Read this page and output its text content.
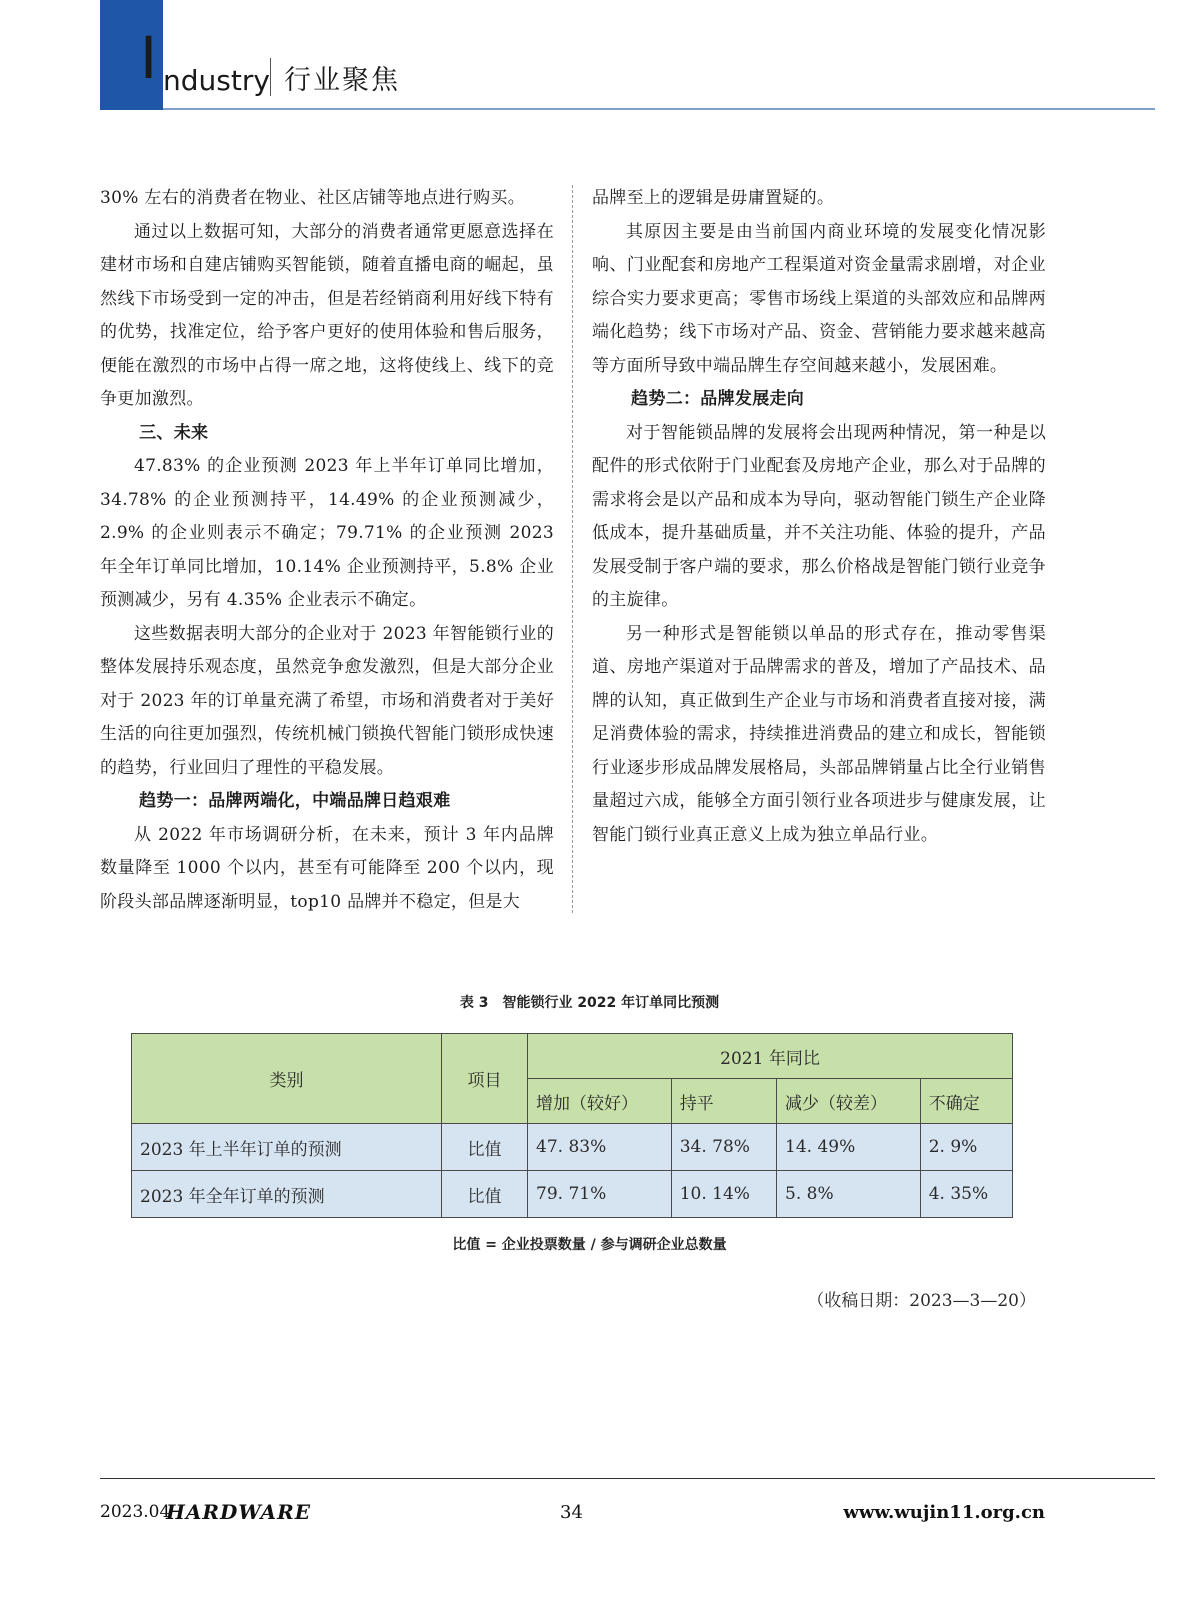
I ndustry 行业聚焦

30% 左右的消费者在物业、社区店铺等地点进行购买。

通过以上数据可知，大部分的消费者通常更愿意选择在建材市场和自建店铺购买智能锁，随着直播电商的崛起，虽然线下市场受到一定的冲击，但是若经销商利用好线下特有的优势，找准定位，给予客户更好的使用体验和售后服务，便能在激烈的市场中占得一席之地，这将使线上、线下的竞争更加激烈。

三、未来

47.83% 的企业预测 2023 年上半年订单同比增加，34.78% 的企业预测持平，14.49% 的企业预测减少，2.9% 的企业则表示不确定；79.71% 的企业预测 2023 年全年订单同比增加，10.14% 企业预测持平，5.8% 企业预测减少，另有 4.35% 企业表示不确定。

这些数据表明大部分的企业对于 2023 年智能锁行业的整体发展持乐观态度，虽然竞争愈发激烈，但是大部分企业对于 2023 年的订单量充满了希望，市场和消费者对于美好生活的向往更加强烈，传统机械门锁换代智能门锁形成快速的趋势，行业回归了理性的平稳发展。

趋势一：品牌两端化，中端品牌日趋艰难

从 2022 年市场调研分析，在未来，预计 3 年内品牌数量降至 1000 个以内，甚至有可能降至 200 个以内，现阶段头部品牌逐渐明显，top10 品牌并不稳定，但是大

品牌至上的逻辑是毋庸置疑的。

其原因主要是由当前国内商业环境的发展变化情况影响、门业配套和房地产工程渠道对资金量需求剧增，对企业综合实力要求更高；零售市场线上渠道的头部效应和品牌两端化趋势；线下市场对产品、资金、营销能力要求越来越高等方面所导致中端品牌生存空间越来越小，发展困难。

趋势二：品牌发展走向

对于智能锁品牌的发展将会出现两种情况，第一种是以配件的形式依附于门业配套及房地产企业，那么对于品牌的需求将会是以产品和成本为导向，驱动智能门锁生产企业降低成本，提升基础质量，并不关注功能、体验的提升，产品发展受制于客户端的要求，那么价格战是智能门锁行业竞争的主旋律。

另一种形式是智能锁以单品的形式存在，推动零售渠道、房地产渠道对于品牌需求的普及，增加了产品技术、品牌的认知，真正做到生产企业与市场和消费者直接对接，满足消费体验的需求，持续推进消费品的建立和成长，智能锁行业逐步形成品牌发展格局，头部品牌销量占比全行业销售量超过六成，能够全方面引领行业各项进步与健康发展，让智能门锁行业真正意义上成为独立单品行业。

表 3　智能锁行业 2022 年订单同比预测
类别	项目	2021 年同比			
		增加（较好）	持平	减少（较差）	不确定
2023 年上半年订单的预测	比值	47. 83%	34. 78%	14. 49%	2. 9%
2023 年全年订单的预测	比值	79. 71%	10. 14%	5. 8%	4. 35%
比值 = 企业投票数量 / 参与调研企业总数量
（收稿日期：2023—3—20）
2023.04
HARDWARE	34	www.wujin11.org.cn
